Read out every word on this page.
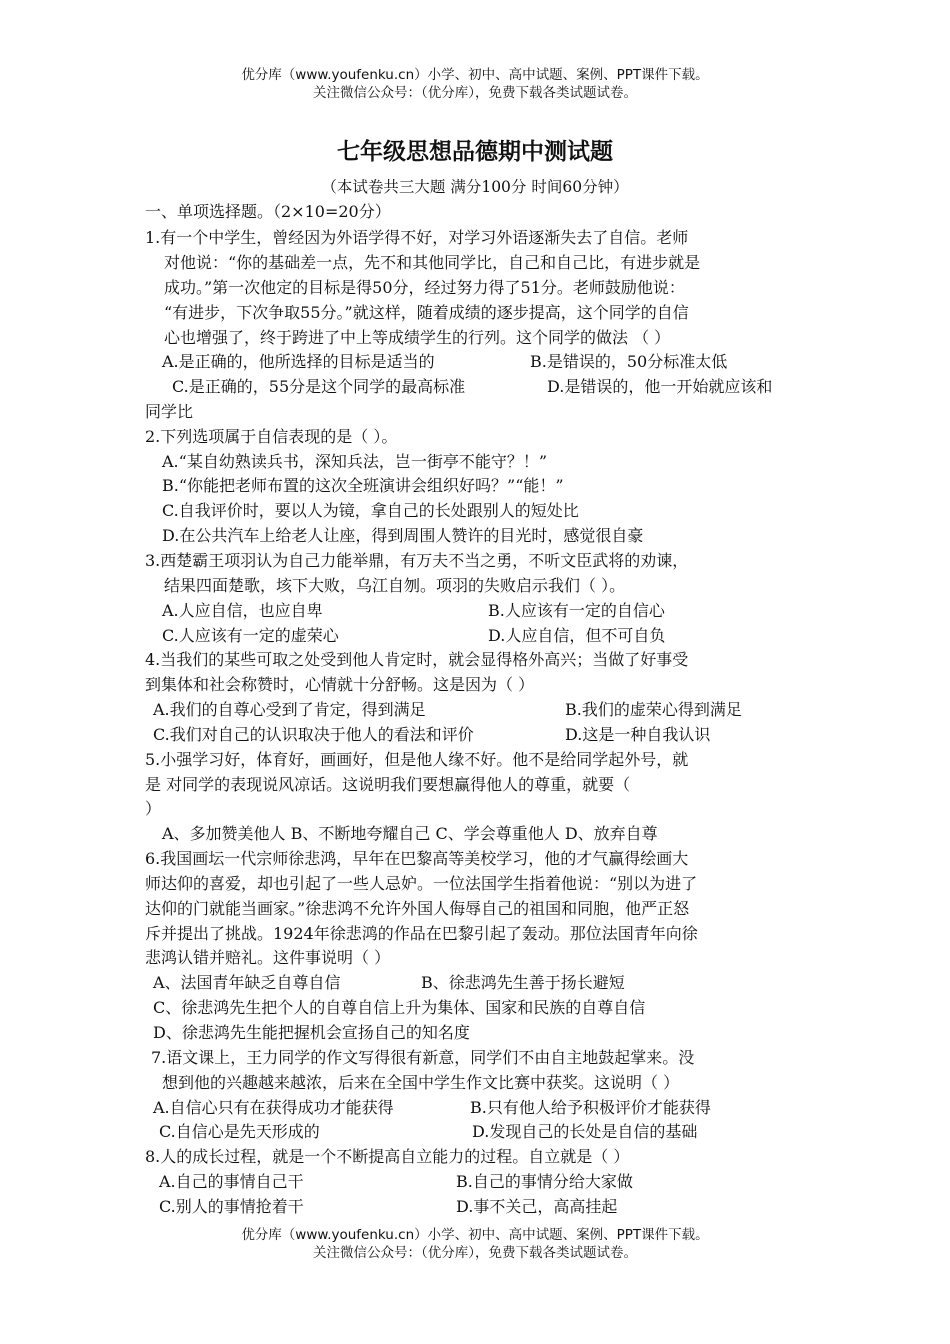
优分库（www.youfenku.cn）小学、初中、高中试题、案例、PPT课件下载。
关注微信公众号：（优分库），免费下载各类试题试卷。
七年级思想品德期中测试题
（本试卷共三大题 满分100分 时间60分钟）
一、单项选择题。（2×10=20分）
1.有一个中学生，曾经因为外语学得不好，对学习外语逐渐失去了自信。老师
对他说：“你的基础差一点，先不和其他同学比，自己和自己比，有进步就是
成功。”第一次他定的目标是得50分，经过努力得了51分。老师鼓励他说：
“有进步，下次争取55分。”就这样，随着成绩的逐步提高，这个同学的自信
心也增强了，终于跨进了中上等成绩学生的行列。这个同学的做法 （ ）
A.是正确的，他所选择的目标是适当的	B.是错误的，50分标准太低
C.是正确的，55分是这个同学的最高标准	D.是错误的，他一开始就应该和
同学比
2.下列选项属于自信表现的是（ ）。
A.“某自幼熟读兵书，深知兵法，岂一街亭不能守？！”
B.“你能把老师布置的这次全班演讲会组织好吗？”“能！”
C.自我评价时，要以人为镜，拿自己的长处跟别人的短处比
D.在公共汽车上给老人让座，得到周围人赞许的目光时，感觉很自豪
3.西楚霸王项羽认为自己力能举鼎，有万夫不当之勇，不听文臣武将的劝谏，
结果四面楚歌，垓下大败，乌江自刎。项羽的失败启示我们（ ）。
A.人应自信，也应自卑	B.人应该有一定的自信心
C.人应该有一定的虚荣心	D.人应自信，但不可自负
4.当我们的某些可取之处受到他人肯定时，就会显得格外高兴；当做了好事受
到集体和社会称赞时，心情就十分舒畅。这是因为（ ）
A.我们的自尊心受到了肯定，得到满足	B.我们的虚荣心得到满足
C.我们对自己的认识取决于他人的看法和评价	D.这是一种自我认识
5.小强学习好，体育好，画画好，但是他人缘不好。他不是给同学起外号，就
是 对同学的表现说风凉话。这说明我们要想赢得他人的尊重，就要（
）
A、多加赞美他人 B、不断地夸耀自己 C、学会尊重他人 D、放弃自尊
6.我国画坛一代宗师徐悲鸿，早年在巴黎高等美校学习，他的才气赢得绘画大
师达仰的喜爱，却也引起了一些人忌妒。一位法国学生指着他说：“别以为进了
达仰的门就能当画家。”徐悲鸿不允许外国人侮辱自己的祖国和同胞，他严正怒
斥并提出了挑战。1924年徐悲鸿的作品在巴黎引起了轰动。那位法国青年向徐
悲鸿认错并赔礼。这件事说明（ ）
A、法国青年缺乏自尊自信	B、徐悲鸿先生善于扬长避短
C、徐悲鸿先生把个人的自尊自信上升为集体、国家和民族的自尊自信
D、徐悲鸿先生能把握机会宣扬自己的知名度
7.语文课上，王力同学的作文写得很有新意，同学们不由自主地鼓起掌来。没
想到他的兴趣越来越浓，后来在全国中学生作文比赛中获奖。这说明（ ）
A.自信心只有在获得成功才能获得	B.只有他人给予积极评价才能获得
C.自信心是先天形成的	D.发现自己的长处是自信的基础
8.人的成长过程，就是一个不断提高自立能力的过程。自立就是（ ）
A.自己的事情自己干	B.自己的事情分给大家做
C.别人的事情抢着干	D.事不关己，高高挂起
优分库（www.youfenku.cn）小学、初中、高中试题、案例、PPT课件下载。
关注微信公众号：（优分库），免费下载各类试题试卷。
